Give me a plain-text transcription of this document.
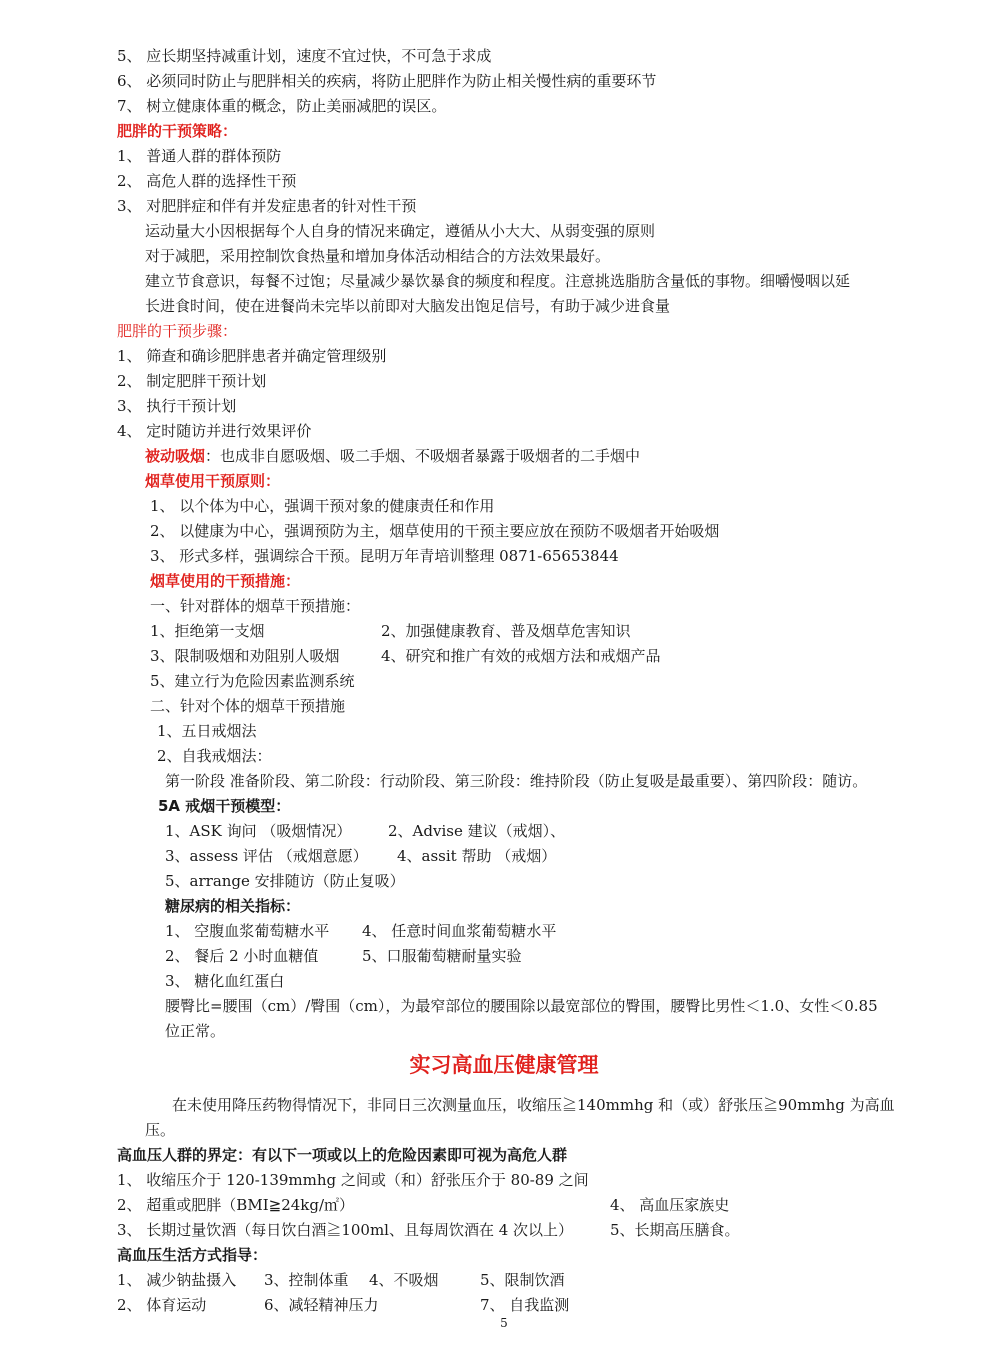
5、 应长期坚持减重计划，速度不宜过快，不可急于求成
6、 必须同时防止与肥胖相关的疾病，将防止肥胖作为防止相关慢性病的重要环节
7、 树立健康体重的概念，防止美丽减肥的误区。
肥胖的干预策略：
1、 普通人群的群体预防
2、 高危人群的选择性干预
3、 对肥胖症和伴有并发症患者的针对性干预
运动量大小因根据每个人自身的情况来确定，遵循从小大大、从弱变强的原则
对于减肥，采用控制饮食热量和增加身体活动相结合的方法效果最好。
建立节食意识，每餐不过饱；尽量减少暴饮暴食的频度和程度。注意挑选脂肪含量低的事物。细嚼慢咽以延
长进食时间，使在进餐尚未完毕以前即对大脑发出饱足信号，有助于减少进食量
肥胖的干预步骤：
1、 筛查和确诊肥胖患者并确定管理级别
2、 制定肥胖干预计划
3、 执行干预计划
4、 定时随访并进行效果评价
被动吸烟：也成非自愿吸烟、吸二手烟、不吸烟者暴露于吸烟者的二手烟中
烟草使用干预原则：
1、 以个体为中心，强调干预对象的健康责任和作用
2、 以健康为中心，强调预防为主，烟草使用的干预主要应放在预防不吸烟者开始吸烟
3、 形式多样，强调综合干预。昆明万年青培训整理 0871-65653844
烟草使用的干预措施：
一、针对群体的烟草干预措施：
1、拒绝第一支烟	2、加强健康教育、普及烟草危害知识
3、限制吸烟和劝阻别人吸烟	4、研究和推广有效的戒烟方法和戒烟产品
5、建立行为危险因素监测系统
二、针对个体的烟草干预措施
1、五日戒烟法
2、自我戒烟法：
第一阶段 准备阶段、第二阶段：行动阶段、第三阶段：维持阶段（防止复吸是最重要）、第四阶段：随访。
5A 戒烟干预模型：
1、ASK 询问 （吸烟情况） 2、Advise 建议（戒烟）、
3、assess 评估 （戒烟意愿） 4、assit 帮助 （戒烟）
5、arrange 安排随访（防止复吸）
糖尿病的相关指标：
1、 空腹血浆葡萄糖水平 4、 任意时间血浆葡萄糖水平
2、 餐后 2 小时血糖值	5、口服葡萄糖耐量实验
3、 糖化血红蛋白
腰臀比=腰围（cm）/臀围（cm），为最窄部位的腰围除以最宽部位的臀围，腰臀比男性＜1.0、女性＜0.85
位正常。
实习高血压健康管理
在未使用降压药物得情况下，非同日三次测量血压，收缩压≧140mmhg 和（或）舒张压≧90mmhg 为高血
压。
高血压人群的界定：有以下一项或以上的危险因素即可视为高危人群
1、 收缩压介于 120-139mmhg 之间或（和）舒张压介于 80-89 之间
2、 超重或肥胖（BMI≧24kg/㎡）	4、 高血压家族史
3、 长期过量饮酒（每日饮白酒≧100ml、且每周饮酒在 4 次以上） 5、长期高压膳食。
高血压生活方式指导：
1、 减少钠盐摄入 3、控制体重 4、不吸烟	5、限制饮酒
2、 体育运动	6、减轻精神压力	7、 自我监测
5
